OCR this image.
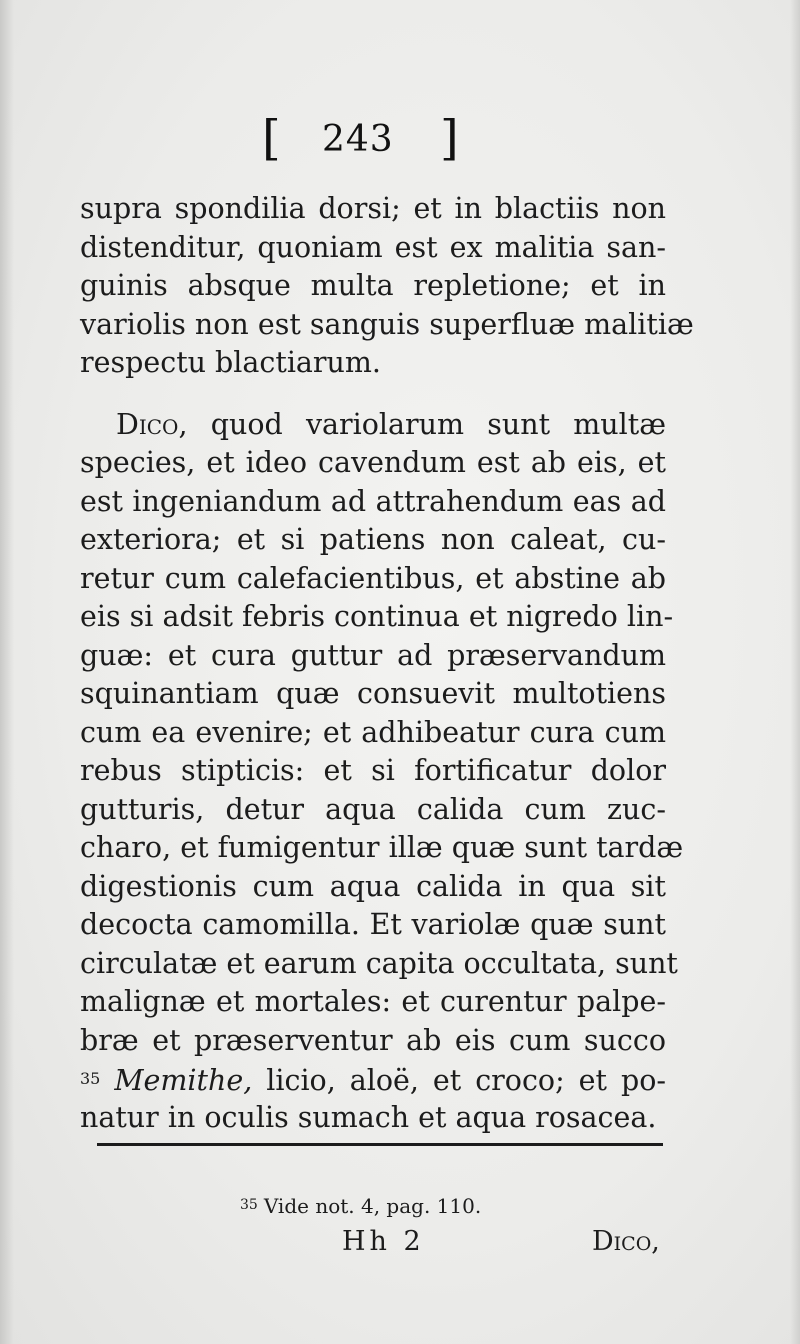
[ 243 ]
supra spondilia dorsi; et in blactiis non
distenditur, quoniam est ex malitia san-
guinis absque multa repletione; et in
variolis non est sanguis superfluæ malitiæ
respectu blactiarum.
Dico, quod variolarum sunt multæ
species, et ideo cavendum est ab eis, et
est ingeniandum ad attrahendum eas ad
exteriora; et si patiens non caleat, cu-
retur cum calefacientibus, et abstine ab
eis si adsit febris continua et nigredo lin-
guæ: et cura guttur ad præservandum
squinantiam quæ consuevit multotiens
cum ea evenire; et adhibeatur cura cum
rebus stipticis: et si fortificatur dolor
gutturis, detur aqua calida cum zuc-
charo, et fumigentur illæ quæ sunt tardæ
digestionis cum aqua calida in qua sit
decocta camomilla. Et variolæ quæ sunt
circulatæ et earum capita occultata, sunt
malignæ et mortales: et curentur palpe-
bræ et præserventur ab eis cum succo
$^{35}$ Memithe, licio, aloë, et croco; et po-
natur in oculis sumach et aqua rosacea.
$^{35}$ Vide not. 4, pag. 110.
Hh 2	Dico,
